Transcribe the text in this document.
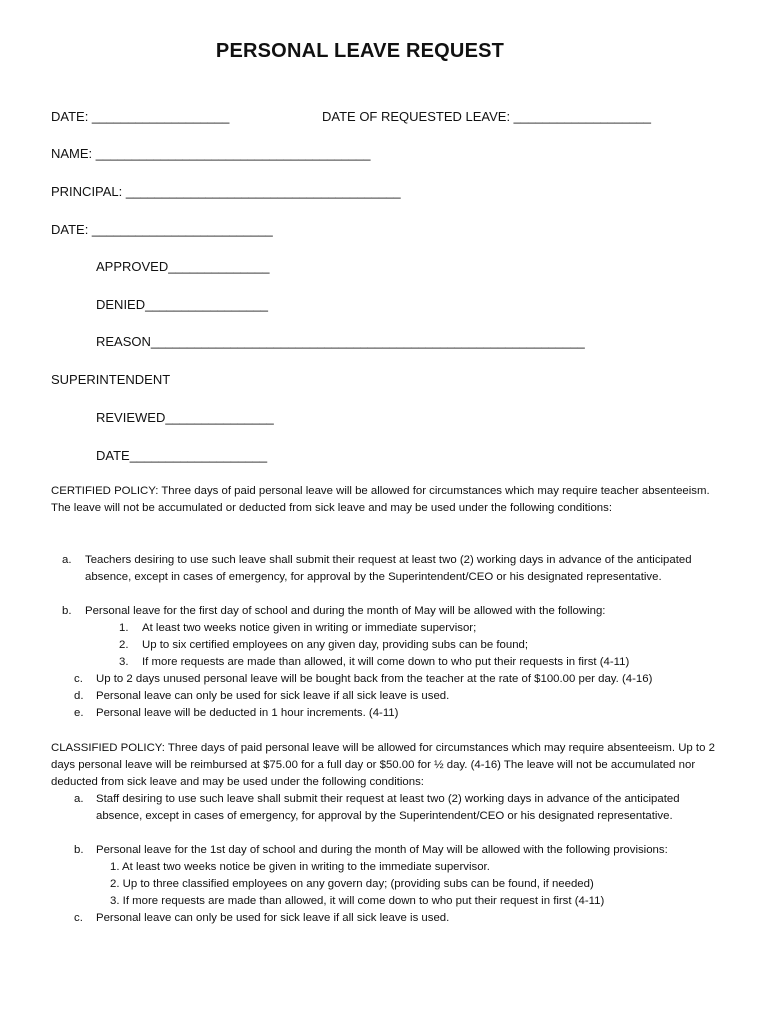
PERSONAL LEAVE REQUEST
DATE: ___________________	DATE OF REQUESTED LEAVE: ___________________
NAME: ______________________________________
PRINCIPAL: ______________________________________
DATE: _________________________
APPROVED______________
DENIED_________________
REASON____________________________________________________________
SUPERINTENDENT
REVIEWED_______________
DATE___________________
CERTIFIED POLICY: Three days of paid personal leave will be allowed for circumstances which may require teacher absenteeism. The leave will not be accumulated or deducted from sick leave and may be used under the following conditions:
a. Teachers desiring to use such leave shall submit their request at least two (2) working days in advance of the anticipated absence, except in cases of emergency, for approval by the Superintendent/CEO or his designated representative.
b. Personal leave for the first day of school and during the month of May will be allowed with the following:
1. At least two weeks notice given in writing or immediate supervisor;
2. Up to six certified employees on any given day, providing subs can be found;
3. If more requests are made than allowed, it will come down to who put their requests in first (4-11)
c. Up to 2 days unused personal leave will be bought back from the teacher at the rate of $100.00 per day. (4-16)
d. Personal leave can only be used for sick leave if all sick leave is used.
e. Personal leave will be deducted in 1 hour increments. (4-11)
CLASSIFIED POLICY: Three days of paid personal leave will be allowed for circumstances which may require absenteeism. Up to 2 days personal leave will be reimbursed at $75.00 for a full day or $50.00 for ½ day. (4-16) The leave will not be accumulated nor deducted from sick leave and may be used under the following conditions:
a. Staff desiring to use such leave shall submit their request at least two (2) working days in advance of the anticipated absence, except in cases of emergency, for approval by the Superintendent/CEO or his designated representative.
b. Personal leave for the 1st day of school and during the month of May will be allowed with the following provisions:
1. At least two weeks notice be given in writing to the immediate supervisor.
2. Up to three classified employees on any govern day; (providing subs can be found, if needed)
3. If more requests are made than allowed, it will come down to who put their request in first (4-11)
c. Personal leave can only be used for sick leave if all sick leave is used.
